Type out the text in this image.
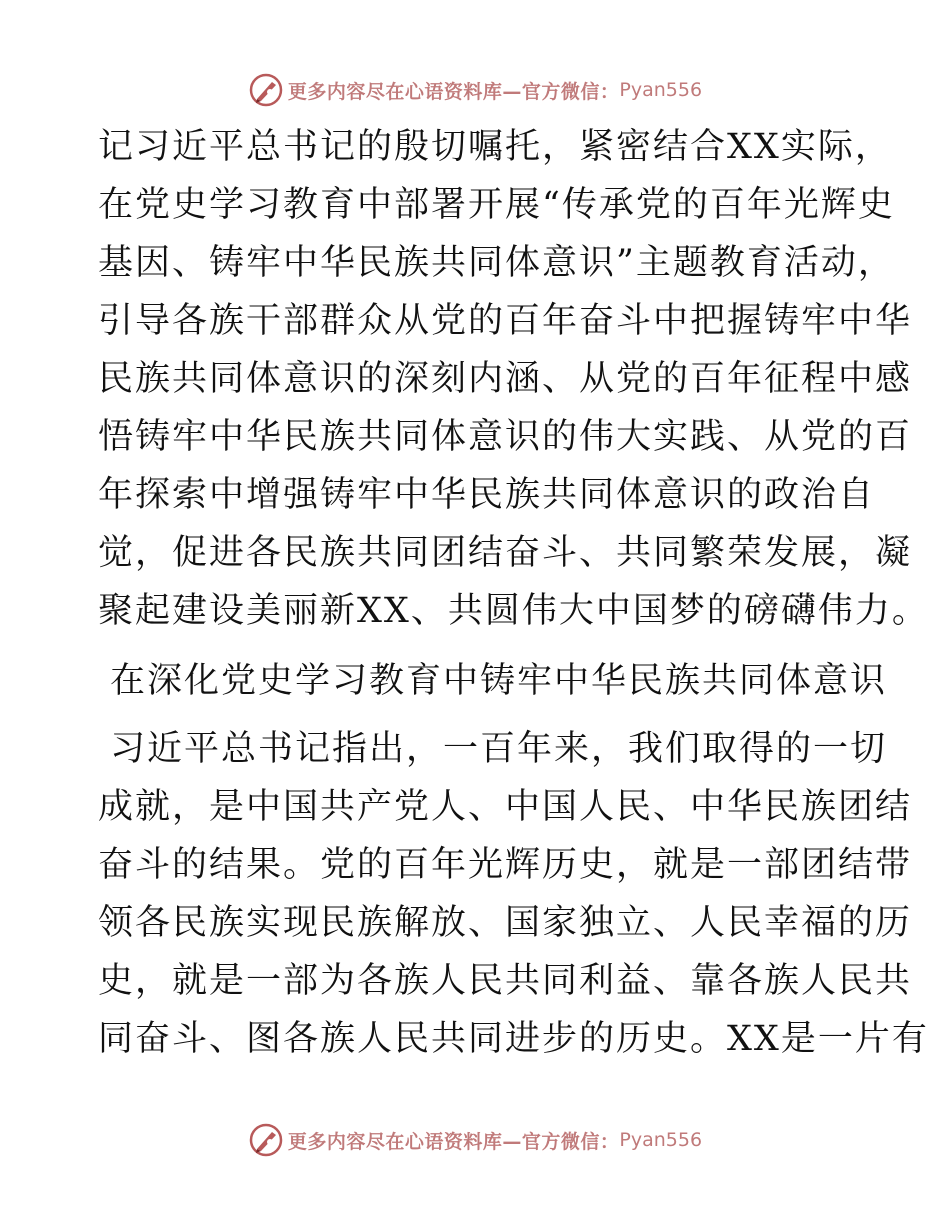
更多内容尽在心语资料库—官方微信： Pyan556
记习近平总书记的殷切嘱托，紧密结合XX实际，
在党史学习教育中部署开展“传承党的百年光辉史
基因、铸牢中华民族共同体意识”主题教育活动，
引导各族干部群众从党的百年奋斗中把握铸牢中华
民族共同体意识的深刻内涵、从党的百年征程中感
悟铸牢中华民族共同体意识的伟大实践、从党的百
年探索中增强铸牢中华民族共同体意识的政治自
觉，促进各民族共同团结奋斗、共同繁荣发展，凝
聚起建设美丽新XX、共圆伟大中国梦的磅礴伟力。
在深化党史学习教育中铸牢中华民族共同体意识
习近平总书记指出，一百年来，我们取得的一切
成就，是中国共产党人、中国人民、中华民族团结
奋斗的结果。党的百年光辉历史，就是一部团结带
领各民族实现民族解放、国家独立、人民幸福的历
史，就是一部为各族人民共同利益、靠各族人民共
同奋斗、图各族人民共同进步的历史。XX是一片有
更多内容尽在心语资料库—官方微信： Pyan556
